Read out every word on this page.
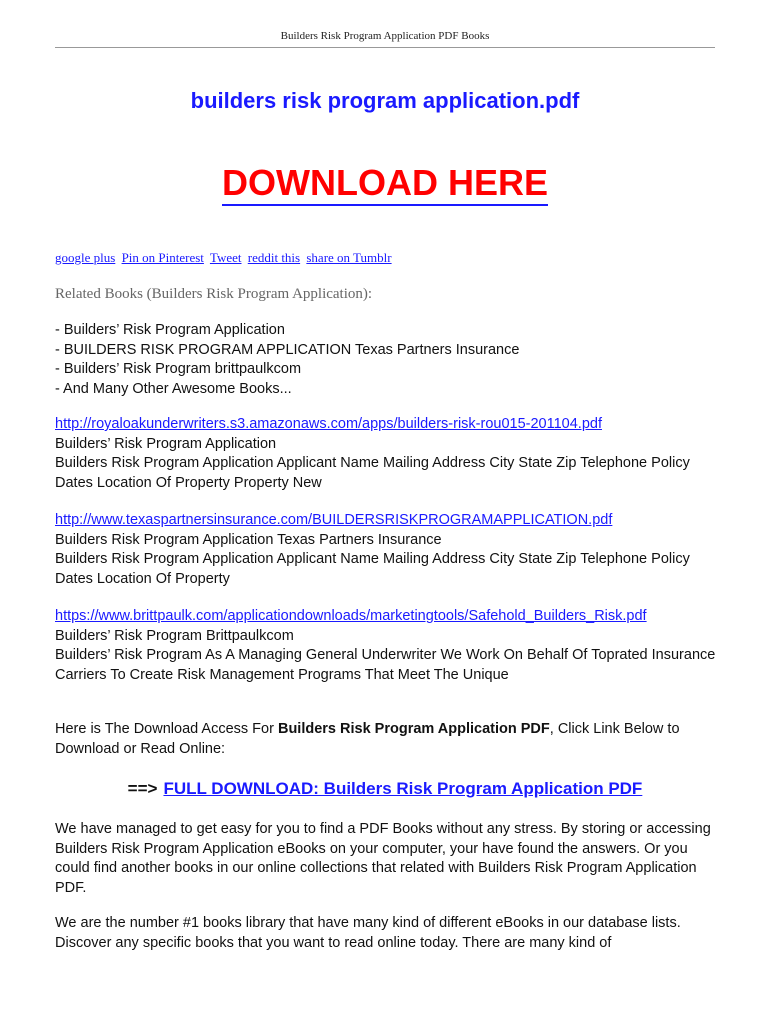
Builders Risk Program Application PDF Books
builders risk program application.pdf
DOWNLOAD HERE
google plus Pin on Pinterest Tweet reddit this share on Tumblr
Related Books (Builders Risk Program Application):
- Builders’ Risk Program Application
- BUILDERS RISK PROGRAM APPLICATION Texas Partners Insurance
- Builders’ Risk Program brittpaulkcom
- And Many Other Awesome Books...
http://royaloakunderwriters.s3.amazonaws.com/apps/builders-risk-rou015-201104.pdf

Builders’ Risk Program Application

Builders Risk Program Application Applicant Name Mailing Address City State Zip Telephone Policy Dates Location Of Property Property New

http://www.texaspartnersinsurance.com/BUILDERSRISKPROGRAMAPPLICATION.pdf

Builders Risk Program Application Texas Partners Insurance

Builders Risk Program Application Applicant Name Mailing Address City State Zip Telephone Policy Dates Location Of Property

https://www.brittpaulk.com/applicationdownloads/marketingtools/Safehold_Builders_Risk.pdf

Builders’ Risk Program Brittpaulkcom

Builders’ Risk Program As A Managing General Underwriter We Work On Behalf Of Toprated Insurance Carriers To Create Risk Management Programs That Meet The Unique

Here is The Download Access For Builders Risk Program Application PDF, Click Link Below to Download or Read Online:

==> FULL DOWNLOAD: Builders Risk Program Application PDF

We have managed to get easy for you to find a PDF Books without any stress. By storing or accessing Builders Risk Program Application eBooks on your computer, your have found the answers. Or you could find another books in our online collections that related with Builders Risk Program Application PDF.

We are the number #1 books library that have many kind of different eBooks in our database lists. Discover any specific books that you want to read online today. There are many kind of
